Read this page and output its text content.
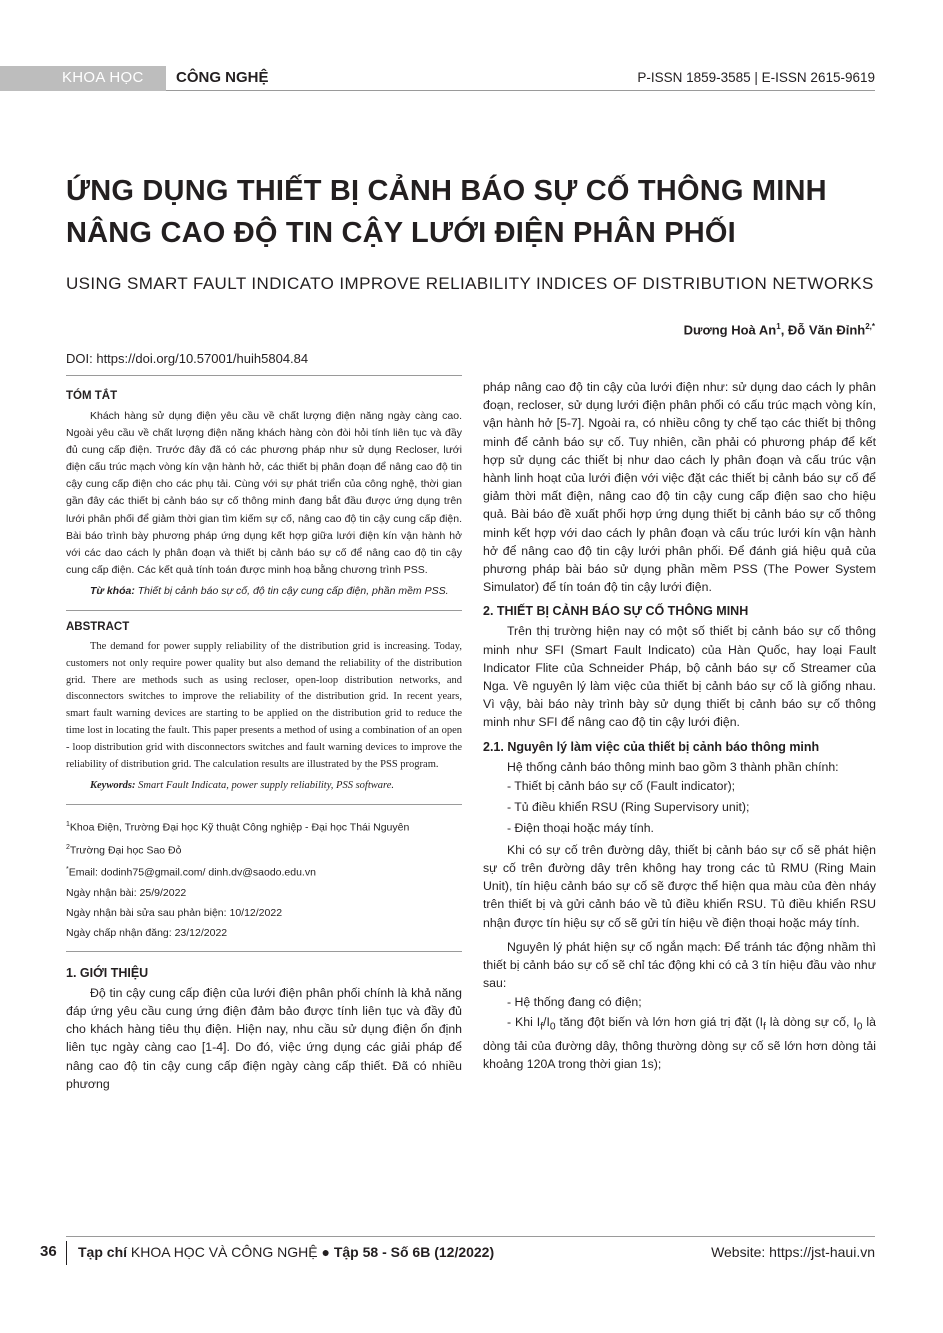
KHOA HỌC CÔNG NGHỆ	P-ISSN 1859-3585 | E-ISSN 2615-9619
ỨNG DỤNG THIẾT BỊ CẢNH BÁO SỰ CỐ THÔNG MINH
NÂNG CAO ĐỘ TIN CẬY LƯỚI ĐIỆN PHÂN PHỐI
USING SMART FAULT INDICATO IMPROVE RELIABILITY INDICES OF DISTRIBUTION NETWORKS
Dương Hoà An$^1$, Đỗ Văn Đỉnh$^{2,*}$
DOI: https://doi.org/10.57001/huih5804.84
TÓM TẮT

Khách hàng sử dụng điện yêu cầu về chất lượng điện năng ngày càng cao. Ngoài yêu cầu về chất lượng điện năng khách hàng còn đòi hỏi tính liên tục và đầy đủ cung cấp điện. Trước đây đã có các phương pháp như sử dụng Recloser, lưới điện cấu trúc mạch vòng kín vận hành hở, các thiết bị phân đoạn để nâng cao độ tin cậy cung cấp điện cho các phụ tải. Cùng với sự phát triển của công nghệ, thời gian gần đây các thiết bị cảnh báo sự cố thông minh đang bắt đầu được ứng dụng trên lưới phân phối để giảm thời gian tìm kiếm sự cố, nâng cao độ tin cậy cung cấp điện. Bài báo trình bày phương pháp ứng dụng kết hợp giữa lưới điện kín vận hành hở với các dao cách ly phân đoạn và thiết bị cảnh báo sự cố để nâng cao độ tin cậy cung cấp điện. Các kết quả tính toán được minh hoạ bằng chương trình PSS.

Từ khóa: Thiết bị cảnh báo sự cố, độ tin cậy cung cấp điện, phần mềm PSS.

ABSTRACT

The demand for power supply reliability of the distribution grid is increasing. Today, customers not only require power quality but also demand the reliability of the distribution grid. There are methods such as using recloser, open-loop distribution networks, and disconnectors switches to improve the reliability of the distribution grid. In recent years, smart fault warning devices are starting to be applied on the distribution grid to reduce the time lost in locating the fault. This paper presents a method of using a combination of an open - loop distribution grid with disconnectors switches and fault warning devices to improve the reliability of distribution grid. The calculation results are illustrated by the PSS program.

Keywords: Smart Fault Indicata, power supply reliability, PSS software.

$^1$Khoa Điện, Trường Đại học Kỹ thuật Công nghiệp - Đại học Thái Nguyên

$^2$Trường Đại học Sao Đỏ

*Email: dodinh75@gmail.com/ dinh.dv@saodo.edu.vn

Ngày nhận bài: 25/9/2022

Ngày nhận bài sửa sau phản biện: 10/12/2022

Ngày chấp nhận đăng: 23/12/2022

1. GIỚI THIỆU

Độ tin cậy cung cấp điện của lưới điện phân phối chính là khả năng đáp ứng yêu cầu cung ứng điện đảm bảo được tính liên tục và đầy đủ cho khách hàng tiêu thụ điện. Hiện nay, nhu cầu sử dụng điện ổn định liên tục ngày càng cao [1-4]. Do đó, việc ứng dụng các giải pháp để nâng cao độ tin cậy cung cấp điện ngày càng cấp thiết. Đã có nhiều phương

pháp nâng cao độ tin cậy của lưới điện như: sử dụng dao cách ly phân đoạn, recloser, sử dụng lưới điện phân phối có cấu trúc mạch vòng kín, vận hành hở [5-7]. Ngoài ra, có nhiều công ty chế tạo các thiết bị thông minh để cảnh báo sự cố. Tuy nhiên, cần phải có phương pháp để kết hợp sử dụng các thiết bị như dao cách ly phân đoạn và cấu trúc vận hành linh hoạt của lưới điện với việc đặt các thiết bị cảnh báo sự cố để giảm thời mất điện, nâng cao độ tin cậy cung cấp điện sao cho hiệu quả. Bài báo đề xuất phối hợp ứng dụng thiết bị cảnh báo sự cố thông minh kết hợp với dao cách ly phân đoạn và cấu trúc lưới kín vận hành hở để nâng cao độ tin cậy lưới phân phối. Để đánh giá hiệu quả của phương pháp bài báo sử dụng phần mềm PSS (The Power System Simulator) để tín toán độ tin cậy lưới điện.

2. THIẾT BỊ CẢNH BÁO SỰ CỐ THÔNG MINH

Trên thị trường hiện nay có một số thiết bị cảnh báo sự cố thông minh như SFI (Smart Fault Indicato) của Hàn Quốc, hay loại Fault Indicator Flite của Schneider Pháp, bộ cảnh báo sự cố Streamer của Nga. Về nguyên lý làm việc của thiết bị cảnh báo sự cố là giống nhau. Vì vậy, bài báo này trình bày sử dụng thiết bị cảnh báo sự cố thông minh như SFI để nâng cao độ tin cậy lưới điện.

2.1. Nguyên lý làm việc của thiết bị cảnh báo thông minh

Hệ thống cảnh báo thông minh bao gồm 3 thành phần chính:

- Thiết bị cảnh báo sự cố (Fault indicator);

- Tủ điều khiển RSU (Ring Supervisory unit);

- Điện thoại hoặc máy tính.

Khi có sự cố trên đường dây, thiết bị cảnh báo sự cố sẽ phát hiện sự cố trên đường dây trên không hay trong các tủ RMU (Ring Main Unit), tín hiệu cảnh báo sự cố sẽ được thể hiện qua màu của đèn nháy trên thiết bị và gửi cảnh báo về tủ điều khiển RSU. Tủ điều khiển RSU nhận được tín hiệu sự cố sẽ gửi tín hiệu về điện thoại hoặc máy tính.

Nguyên lý phát hiện sự cố ngắn mạch: Để tránh tác động nhầm thì thiết bị cảnh báo sự cố sẽ chỉ tác động khi có cả 3 tín hiệu đầu vào như sau:

- Hệ thống đang có điện;

- Khi $I_f/I_0$ tăng đột biến và lớn hơn giá trị đặt ($I_f$ là dòng sự cố, $I_0$ là dòng tải của đường dây, thông thường dòng sự cố sẽ lớn hơn dòng tải khoảng 120A trong thời gian 1s);

36 Tạp chí KHOA HỌC VÀ CÔNG NGHỆ ● Tập 58 - Số 6B (12/2022)	Website: https://jst-haui.vn
